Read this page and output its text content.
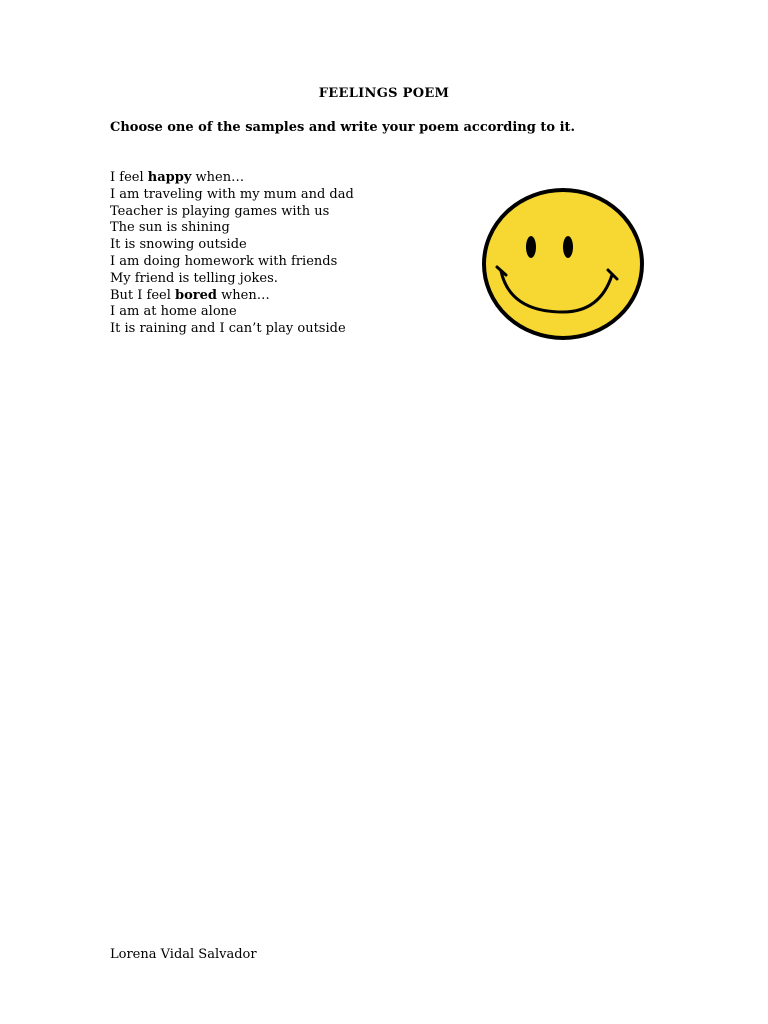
FEELINGS POEM
Choose one of the samples and write your poem according to it.
I feel happy when…
I am traveling with my mum and dad
Teacher is playing games with us
The sun is shining
It is snowing outside
I am doing homework with friends
My friend is telling jokes.
But I feel bored when…
I am at home alone
It is raining and I can’t play outside
Lorena Vidal Salvador
